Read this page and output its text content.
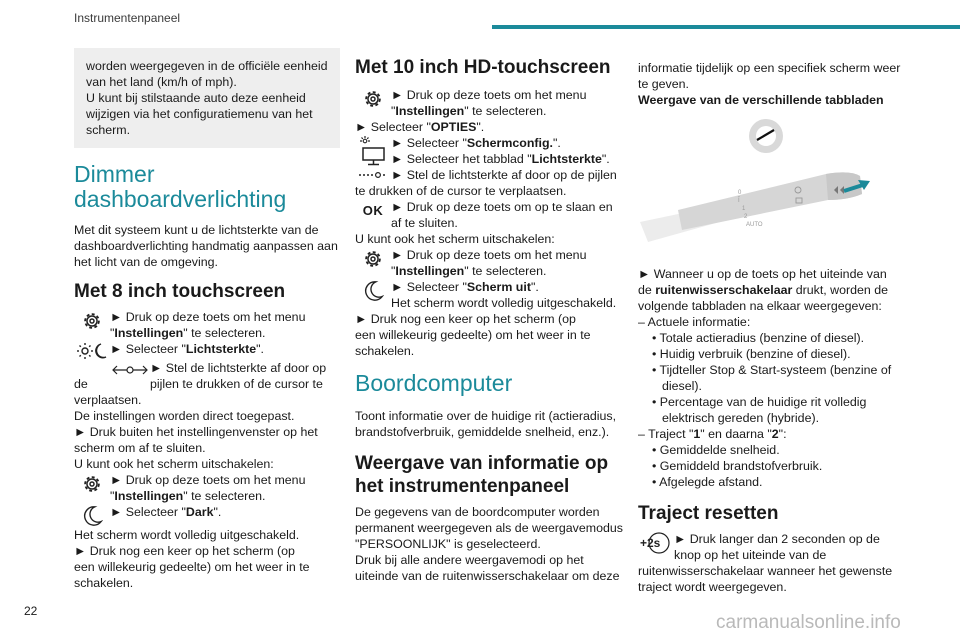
Instrumentenpaneel

worden weergegeven in de officiële eenheid

van het land (km/h of mph).

U kunt bij stilstaande auto deze eenheid

wijzigen via het configuratiemenu van het

scherm.

Dimmer
dashboardverlichting

Met dit systeem kunt u de lichtsterkte van de

dashboardverlichting handmatig aanpassen aan

het licht van de omgeving.

Met 8 inch touchscreen

► Druk op deze toets om het menu

"Instellingen" te selecteren.

► Selecteer "Lichtsterkte".

► Stel de lichtsterkte af door op

de	pijlen te drukken of de cursor te

verplaatsen.

De instellingen worden direct toegepast.

► Druk buiten het instellingenvenster op het

scherm om af te sluiten.

U kunt ook het scherm uitschakelen:

► Druk op deze toets om het menu

"Instellingen" te selecteren.

► Selecteer "Dark".

Het scherm wordt volledig uitgeschakeld.

► Druk nog een keer op het scherm (op

een willekeurig gedeelte) om het weer in te

schakelen.

Met 10 inch HD-touchscreen

► Druk op deze toets om het menu

"Instellingen" te selecteren.

► Selecteer "OPTIES".

► Selecteer "Schermconfig.".

► Selecteer het tabblad "Lichtsterkte".

► Stel de lichtsterkte af door op de pijlen

te drukken of de cursor te verplaatsen.

OK ► Druk op deze toets om op te slaan en

af te sluiten.

U kunt ook het scherm uitschakelen:

► Druk op deze toets om het menu

"Instellingen" te selecteren.

► Selecteer "Scherm uit".

Het scherm wordt volledig uitgeschakeld.

► Druk nog een keer op het scherm (op

een willekeurig gedeelte) om het weer in te

schakelen.

Boordcomputer

Toont informatie over de huidige rit (actieradius,

brandstofverbruik, gemiddelde snelheid, enz.).

Weergave van informatie op
het instrumentenpaneel

De gegevens van de boordcomputer worden

permanent weergegeven als de weergavemodus

"PERSOONLIJK" is geselecteerd.

Druk bij alle andere weergavemodi op het

uiteinde van de ruitenwisserschakelaar om deze

informatie tijdelijk op een specifiek scherm weer

te geven.

Weergave van de verschillende tabbladen

0
Ĩ
1
2
AUTO

► Wanneer u op de toets op het uiteinde van

de ruitenwisserschakelaar drukt, worden de

volgende tabbladen na elkaar weergegeven:

– Actuele informatie:

• Totale actieradius (benzine of diesel).

• Huidig verbruik (benzine of diesel).

• Tijdteller Stop & Start-systeem (benzine of diesel).

• Percentage van de huidige rit volledig elektrisch gereden (hybride).

– Traject "1" en daarna "2":

• Gemiddelde snelheid.

• Gemiddeld brandstofverbruik.

• Afgelegde afstand.

Traject resetten
+2s ► Druk langer dan 2 seconden op de

knop op het uiteinde van de

ruitenwisserschakelaar wanneer het gewenste

traject wordt weergegeven.

22
carmanualsonline.info
